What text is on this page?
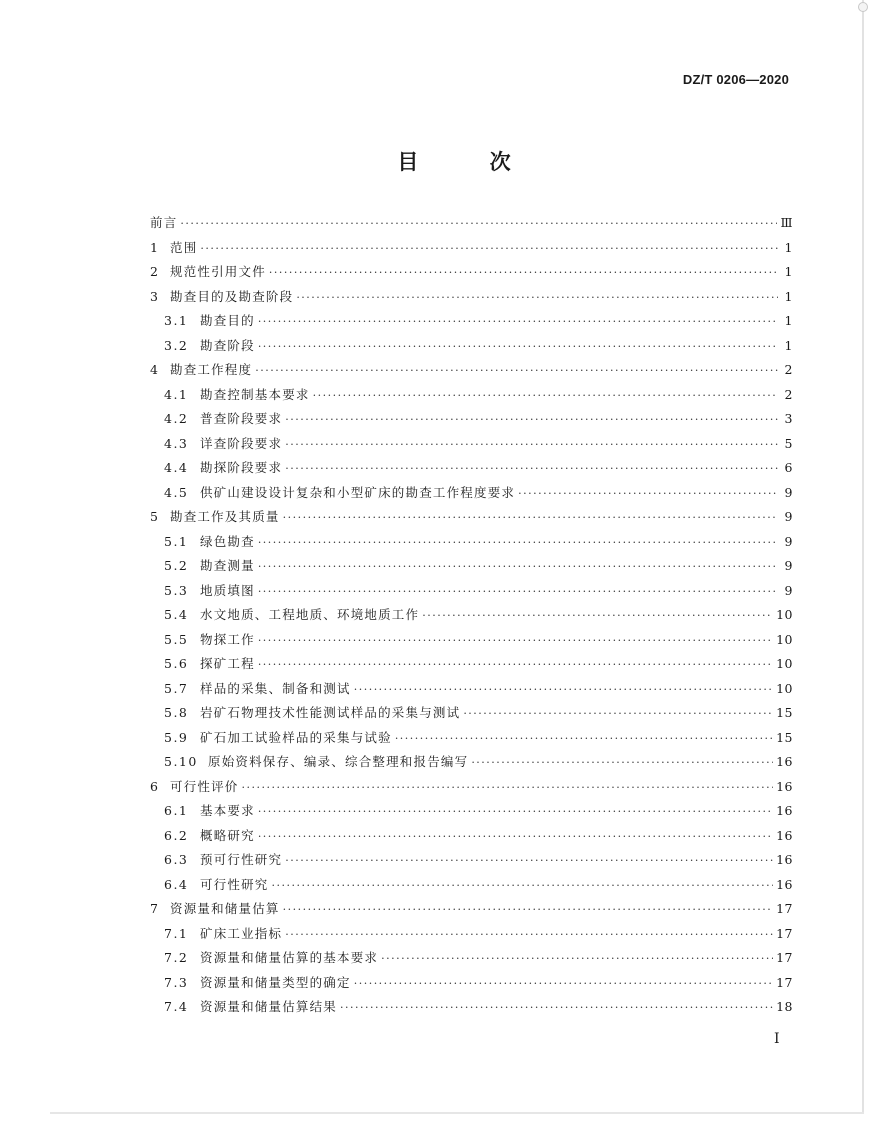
DZ/T 0206—2020
目 次
前言 ·····	Ⅲ
1 范围 ·····	1
2 规范性引用文件 ·····	1
3 勘查目的及勘查阶段 ·····	1
3.1 勘查目的 ·····	1
3.2 勘查阶段 ·····	1
4 勘查工作程度 ·····	2
4.1 勘查控制基本要求 ·····	2
4.2 普查阶段要求 ·····	3
4.3 详查阶段要求 ·····	5
4.4 勘探阶段要求 ·····	6
4.5 供矿山建设设计复杂和小型矿床的勘查工作程度要求 ·····	9
5 勘查工作及其质量 ·····	9
5.1 绿色勘查 ·····	9
5.2 勘查测量 ·····	9
5.3 地质填图 ·····	9
5.4 水文地质、工程地质、环境地质工作 ·····	10
5.5 物探工作 ·····	10
5.6 探矿工程 ·····	10
5.7 样品的采集、制备和测试 ·····	10
5.8 岩矿石物理技术性能测试样品的采集与测试 ·····	15
5.9 矿石加工试验样品的采集与试验 ·····	15
5.10 原始资料保存、编录、综合整理和报告编写 ·····	16
6 可行性评价 ·····	16
6.1 基本要求 ·····	16
6.2 概略研究 ·····	16
6.3 预可行性研究 ·····	16
6.4 可行性研究 ·····	16
7 资源量和储量估算 ·····	17
7.1 矿床工业指标 ·····	17
7.2 资源量和储量估算的基本要求 ·····	17
7.3 资源量和储量类型的确定 ·····	17
7.4 资源量和储量估算结果 ·····	18
I
